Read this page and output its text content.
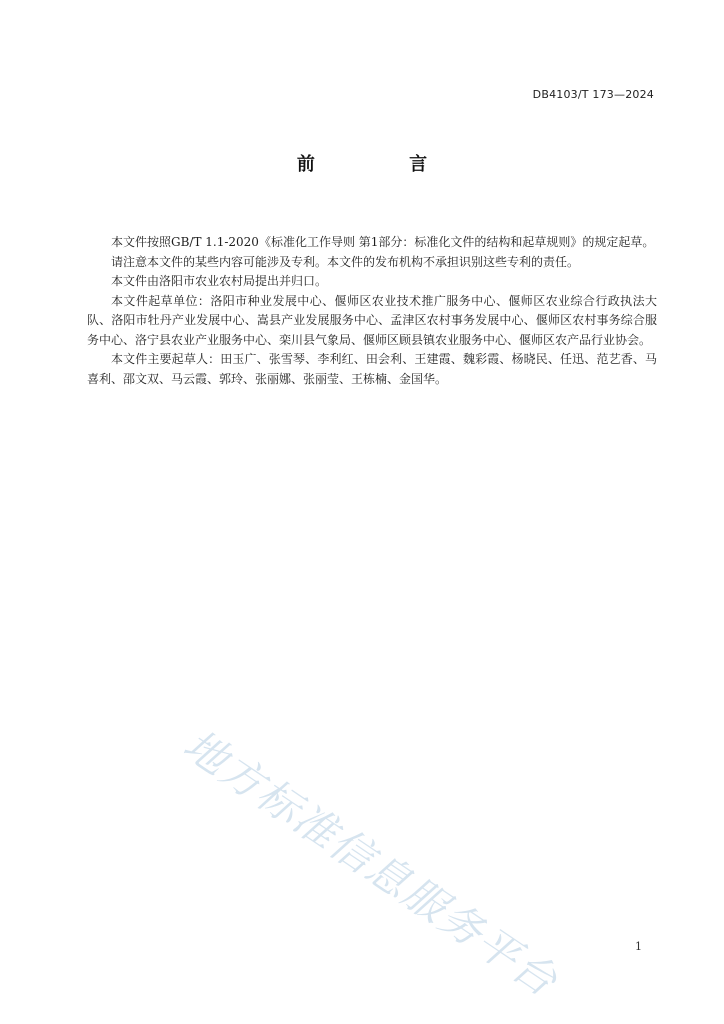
DB4103/T 173—2024
前 言

本文件按照GB/T 1.1-2020《标准化工作导则 第1部分：标准化文件的结构和起草规则》的规定起草。

请注意本文件的某些内容可能涉及专利。本文件的发布机构不承担识别这些专利的责任。

本文件由洛阳市农业农村局提出并归口。

本文件起草单位：洛阳市种业发展中心、偃师区农业技术推广服务中心、偃师区农业综合行政执法大队、洛阳市牡丹产业发展中心、嵩县产业发展服务中心、孟津区农村事务发展中心、偃师区农村事务综合服务中心、洛宁县农业产业服务中心、栾川县气象局、偃师区顾县镇农业服务中心、偃师区农产品行业协会。

本文件主要起草人：田玉广、张雪琴、李利红、田会利、王建霞、魏彩霞、杨晓民、任迅、范艺香、马喜利、邵文双、马云霞、郭玲、张丽娜、张丽莹、王栋楠、金国华。

地方标准信息服务平台	1
